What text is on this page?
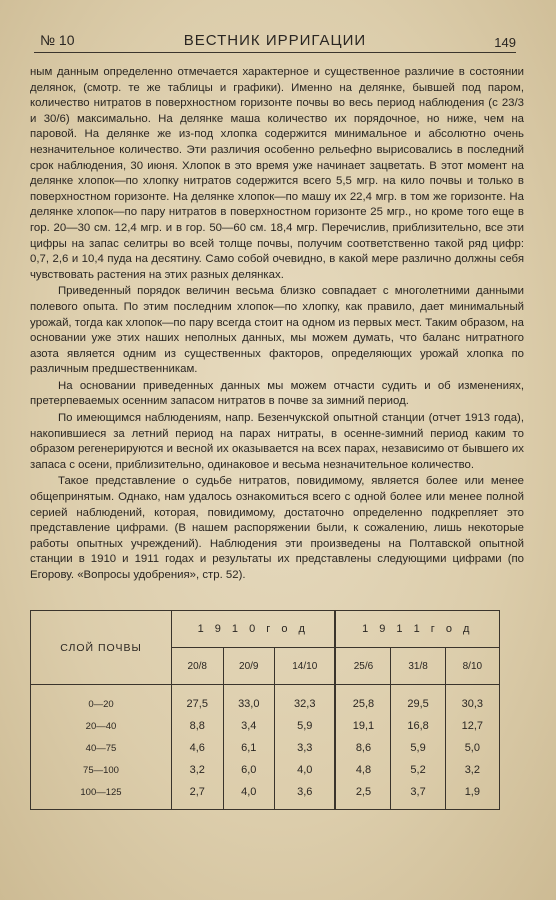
№ 10	ВЕСТНИК ИРРИГАЦИИ	149

ным данным определенно отмечается характерное и существенное различие в состоянии делянок, (смотр. те же таблицы и графики). Именно на делянке, бывшей под паром, количество нитратов в поверхностном горизонте почвы во весь период наблюдения (с 23/3 и 30/6) максимально. На делянке маша количество их порядочное, но ниже, чем на паровой. На делянке же из-под хлопка содержится минимальное и абсолютно очень незначительное количество. Эти различия особенно рельефно вырисовались в последний срок наблюдения, 30 июня. Хлопок в это время уже начинает зацветать. В этот момент на делянке хлопок—по хлопку нитратов содержится всего 5,5 мгр. на кило почвы и только в поверхностном горизонте. На делянке хлопок—по машу их 22,4 мгр. в том же горизонте. На делянке хлопок—по пару нитратов в поверхностном горизонте 25 мгр., но кроме того еще в гор. 20—30 см. 12,4 мгр. и в гор. 50—60 см. 18,4 мгр. Перечислив, приблизительно, все эти цифры на запас селитры во всей толще почвы, получим соответственно такой ряд цифр: 0,7, 2,6 и 10,4 пуда на десятину. Само собой очевидно, в какой мере различно должны себя чувствовать растения на этих разных делянках.

Приведенный порядок величин весьма близко совпадает с многолетними данными полевого опыта. По этим последним хлопок—по хлопку, как правило, дает минимальный урожай, тогда как хлопок—по пару всегда стоит на одном из первых мест. Таким образом, на основании уже этих наших неполных данных, мы можем думать, что баланс нитратного азота является одним из существенных факторов, определяющих урожай хлопка по различным предшественникам.

На основании приведенных данных мы можем отчасти судить и об изменениях, претерпеваемых осенним запасом нитратов в почве за зимний период.

По имеющимся наблюдениям, напр. Безенчукской опытной станции (отчет 1913 года), накопившиеся за летний период на парах нитраты, в осенне-зимний период каким то образом регенерируются и весной их оказывается на всех парах, независимо от бывшего их запаса с осени, приблизительно, одинаковое и весьма незначительное количество.

Такое представление о судьбе нитратов, повидимому, является более или менее общепринятым. Однако, нам удалось ознакомиться всего с одной более или менее полной серией наблюдений, которая, повидимому, достаточно определенно подкрепляет это представление цифрами. (В нашем распоряжении были, к сожалению, лишь некоторые работы опытных учреждений). Наблюдения эти произведены на Полтавской опытной станции в 1910 и 1911 годах и результаты их представлены следующими цифрами (по Егорову. «Вопросы удобрения», стр. 52).

СЛОЙ ПОЧВЫ	1 9 1 0 г о д			1 9 1 1 г о д		
	20/8	20/9	14/10	25/6	31/8	8/10
0—20	27,5	33,0	32,3	25,8	29,5	30,3
20—40	8,8	3,4	5,9	19,1	16,8	12,7
40—75	4,6	6,1	3,3	8,6	5,9	5,0
75—100	3,2	6,0	4,0	4,8	5,2	3,2
100—125	2,7	4,0	3,6	2,5	3,7	1,9
